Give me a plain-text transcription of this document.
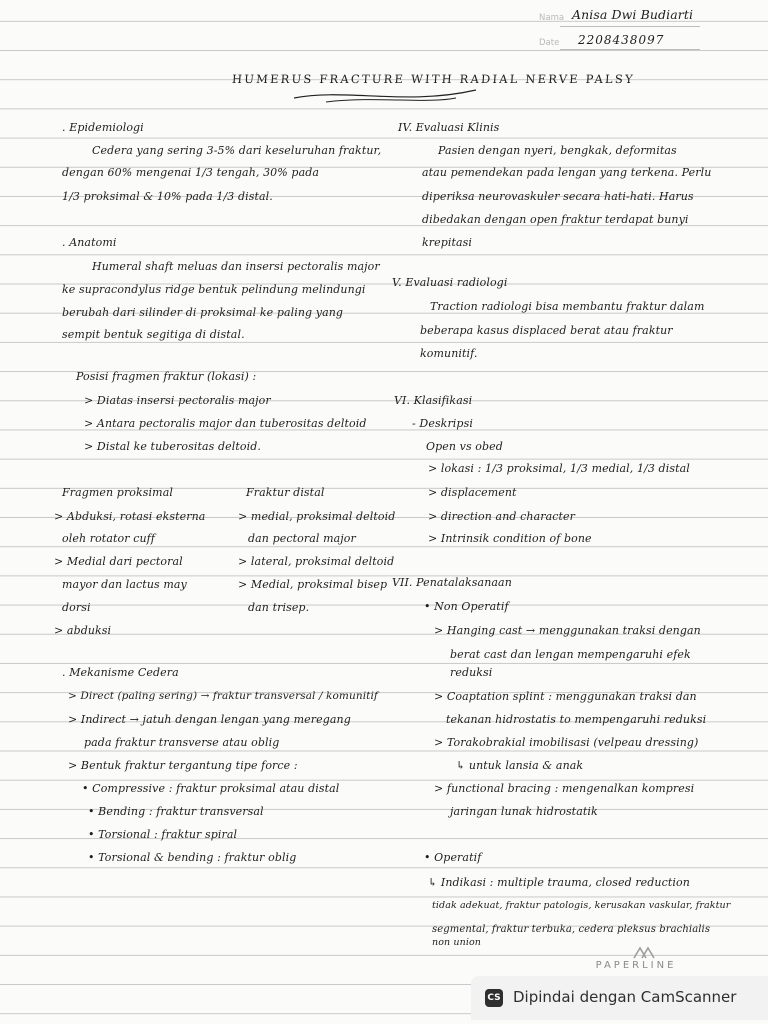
Nama Anisa Dwi Budiarti
Date 2208438097
HUMERUS FRACTURE WITH RADIAL NERVE PALSY
. Epidemiologi
Cedera yang sering 3-5% dari keseluruhan fraktur,
dengan 60% mengenai 1/3 tengah, 30% pada
1/3 proksimal & 10% pada 1/3 distal.
. Anatomi
Humeral shaft meluas dan insersi pectoralis major
ke supracondylus ridge bentuk pelindung melindungi
berubah dari silinder di proksimal ke paling yang
sempit bentuk segitiga di distal.
Posisi fragmen fraktur (lokasi) :
> Diatas insersi pectoralis major
> Antara pectoralis major dan tuberositas deltoid
> Distal ke tuberositas deltoid.
Fragmen proksimal
> Abduksi, rotasi eksterna
oleh rotator cuff
> Medial dari pectoral
mayor dan lactus may
dorsi
> abduksi
Fraktur distal
> medial, proksimal deltoid
dan pectoral major
> lateral, proksimal deltoid
> Medial, proksimal bisep
dan trisep.
. Mekanisme Cedera
> Direct (paling sering) → fraktur transversal / komunitif
> Indirect → jatuh dengan lengan yang meregang
pada fraktur transverse atau oblig
> Bentuk fraktur tergantung tipe force :
• Compressive : fraktur proksimal atau distal
• Bending : fraktur transversal
• Torsional : fraktur spiral
• Torsional & bending : fraktur oblig
IV. Evaluasi Klinis
Pasien dengan nyeri, bengkak, deformitas
atau pemendekan pada lengan yang terkena. Perlu
diperiksa neurovaskuler secara hati-hati. Harus
dibedakan dengan open fraktur terdapat bunyi
krepitasi
V. Evaluasi radiologi
Traction radiologi bisa membantu fraktur dalam
beberapa kasus displaced berat atau fraktur
komunitif.
VI. Klasifikasi
- Deskripsi
Open vs obed
> lokasi : 1/3 proksimal, 1/3 medial, 1/3 distal
> displacement
> direction and character
> Intrinsik condition of bone
VII. Penatalaksanaan
• Non Operatif
> Hanging cast → menggunakan traksi dengan
berat cast dan lengan mempengaruhi efek
reduksi
> Coaptation splint : menggunakan traksi dan
tekanan hidrostatis to mempengaruhi reduksi
> Torakobrakial imobilisasi (velpeau dressing)
↳ untuk lansia & anak
> functional bracing : mengenalkan kompresi
jaringan lunak hidrostatik
• Operatif
↳ Indikasi : multiple trauma, closed reduction
tidak adekuat, fraktur patologis, kerusakan vaskular, fraktur
segmental, fraktur terbuka, cedera pleksus brachialis
non union
PAPERLINE
CS Dipindai dengan CamScanner
